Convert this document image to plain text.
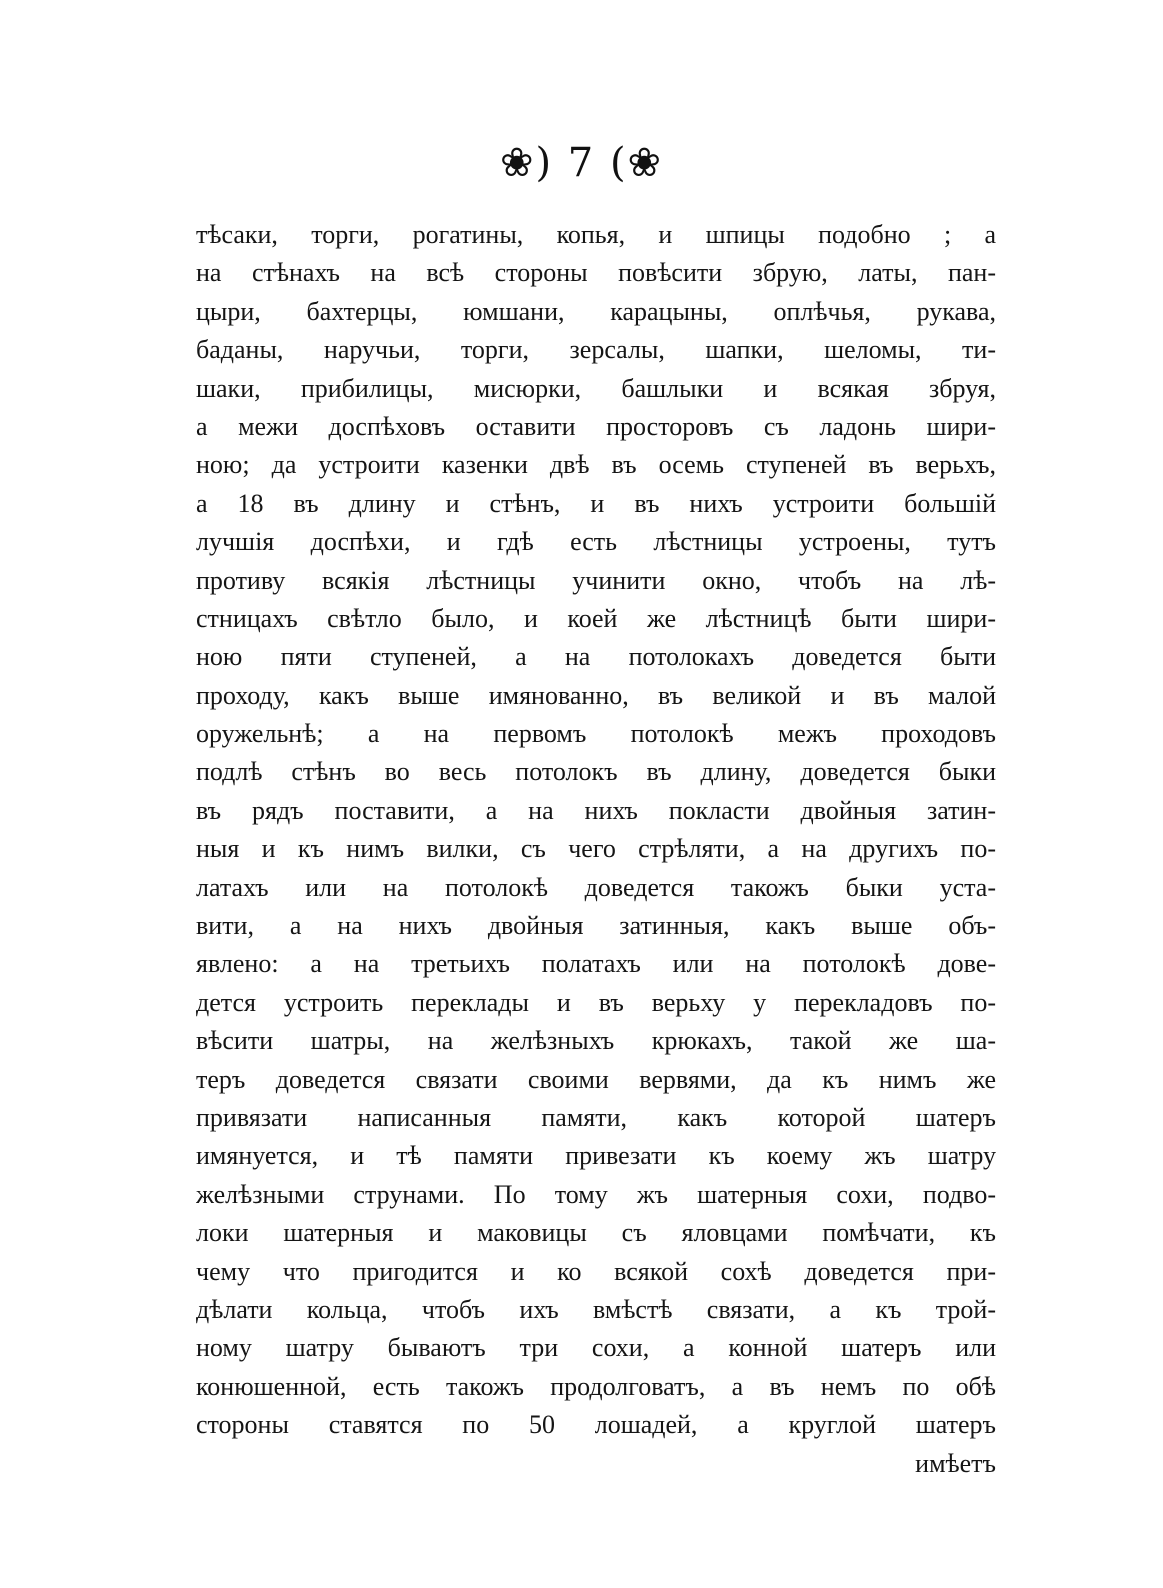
❀) 7 (❀
тѣсаки, торги, рогатины, копья, и шпицы подобно ; а
на стѣнахъ на всѣ стороны повѣсити збрую, латы, пан-
цыри, бахтерцы, юмшани, карацыны, оплѣчья, рукава,
баданы, наручьи, торги, зерсалы, шапки, шеломы, ти-
шаки, прибилицы, мисюрки, башлыки и всякая збруя,
а межи доспѣховъ оставити просторовъ съ ладонь шири-
ною; да устроити казенки двѣ въ осемь ступеней въ верьхъ,
а 18 въ длину и стѣнъ, и въ нихъ устроити большій
лучшія доспѣхи, и гдѣ есть лѣстницы устроены, тутъ
противу всякія лѣстницы учинити окно, чтобъ на лѣ-
стницахъ свѣтло было, и коей же лѣстницѣ быти шири-
ною пяти ступеней, а на потолокахъ доведется быти
проходу, какъ выше имянованно, въ великой и въ малой
оружельнѣ; а на первомъ потолокѣ межъ проходовъ
подлѣ стѣнъ во весь потолокъ въ длину, доведется быки
въ рядъ поставити, а на нихъ покласти двойныя затин-
ныя и къ нимъ вилки, съ чего стрѣляти, а на другихъ по-
латахъ или на потолокѣ доведется такожъ быки уста-
вити, а на нихъ двойныя затинныя, какъ выше объ-
явлено: а на третьихъ полатахъ или на потолокѣ дове-
дется устроить переклады и въ верьху у перекладовъ по-
вѣсити шатры, на желѣзныхъ крюкахъ, такой же ша-
теръ доведется связати своими вервями, да къ нимъ же
привязати написанныя памяти, какъ которой шатеръ
имянуется, и тѣ памяти привезати къ коему жъ шатру
желѣзными струнами. По тому жъ шатерныя сохи, подво-
локи шатерныя и маковицы съ яловцами помѣчати, къ
чему что пригодится и ко всякой сохѣ доведется при-
дѣлати кольца, чтобъ ихъ вмѣстѣ связати, а къ трой-
ному шатру бываютъ три сохи, а конной шатеръ или
конюшенной, есть такожъ продолговатъ, а въ немъ по обѣ
стороны ставятся по 50 лошадей, а круглой шатеръ
имѣетъ
